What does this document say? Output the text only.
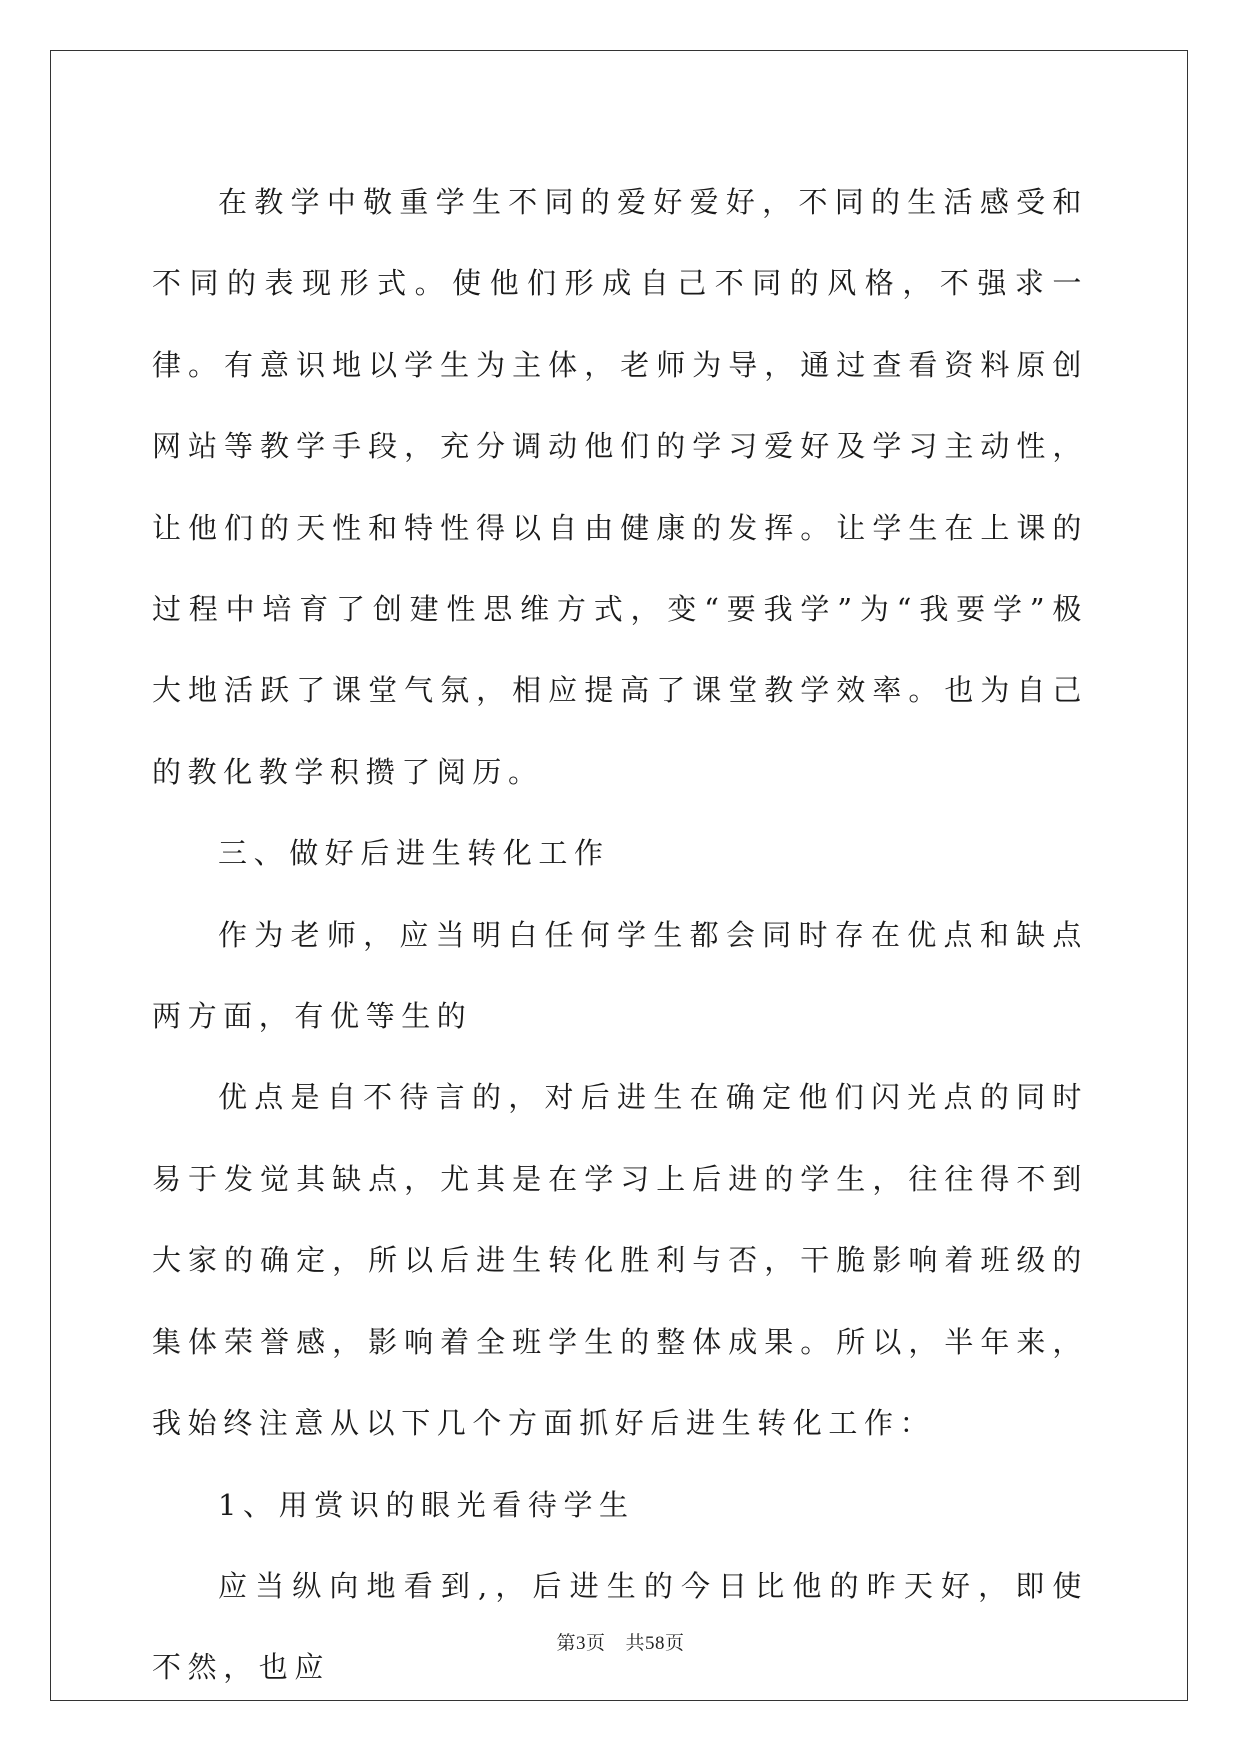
在教学中敬重学生不同的爱好爱好，不同的生活感受和不同的表现形式。使他们形成自己不同的风格，不强求一律。有意识地以学生为主体，老师为导，通过查看资料原创网站等教学手段，充分调动他们的学习爱好及学习主动性，让他们的天性和特性得以自由健康的发挥。让学生在上课的过程中培育了创建性思维方式，变“要我学”为“我要学”极大地活跃了课堂气氛，相应提高了课堂教学效率。也为自己的教化教学积攒了阅历。

三、做好后进生转化工作

作为老师，应当明白任何学生都会同时存在优点和缺点两方面，有优等生的

优点是自不待言的，对后进生在确定他们闪光点的同时易于发觉其缺点，尤其是在学习上后进的学生，往往得不到大家的确定，所以后进生转化胜利与否，干脆影响着班级的集体荣誉感，影响着全班学生的整体成果。所以，半年来，我始终注意从以下几个方面抓好后进生转化工作：

1、用赏识的眼光看待学生

应当纵向地看到,，后进生的今日比他的昨天好，即使不然，也应

第3页 共58页
